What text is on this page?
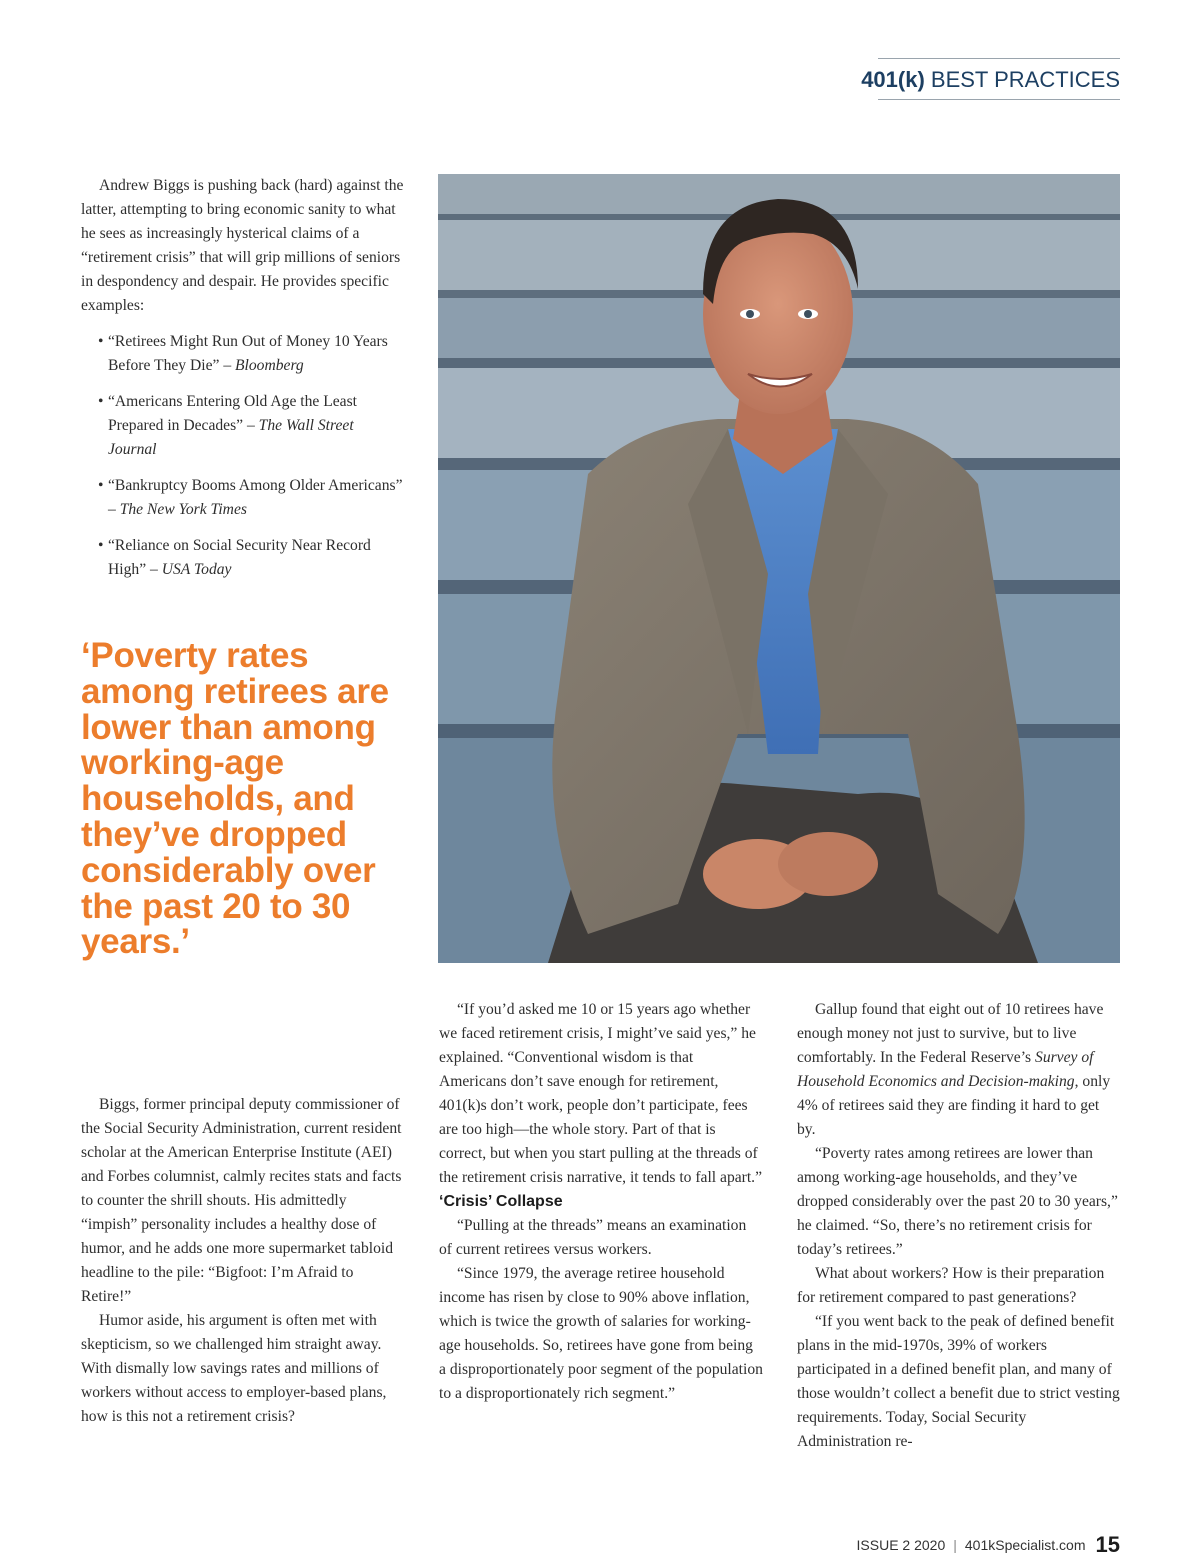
401(k) BEST PRACTICES

Andrew Biggs is pushing back (hard) against the latter, attempting to bring economic sanity to what he sees as increasingly hysterical claims of a “retirement crisis” that will grip millions of seniors in despondency and despair. He provides specific examples:

• “Retirees Might Run Out of Money 10 Years Before They Die” – Bloomberg
• “Americans Entering Old Age the Least Prepared in Decades” – The Wall Street Journal
• “Bankruptcy Booms Among Older Americans” – The New York Times
• “Reliance on Social Security Near Record High” – USA Today
‘Poverty rates among retirees are lower than among working-age households, and they’ve dropped considerably over the past 20 to 30 years.’

Biggs, former principal deputy commissioner of the Social Security Administration, current resident scholar at the American Enterprise Institute (AEI) and Forbes columnist, calmly recites stats and facts to counter the shrill shouts. His admittedly “impish” personality includes a healthy dose of humor, and he adds one more supermarket tabloid headline to the pile: “Bigfoot: I’m Afraid to Retire!”

Humor aside, his argument is often met with skepticism, so we challenged him straight away. With dismally low savings rates and millions of workers without access to employer-based plans, how is this not a retirement crisis?

“If you’d asked me 10 or 15 years ago whether we faced retirement crisis, I might’ve said yes,” he explained. “Conventional wisdom is that Americans don’t save enough for retirement, 401(k)s don’t work, people don’t participate, fees are too high—the whole story. Part of that is correct, but when you start pulling at the threads of the retirement crisis narrative, it tends to fall apart.”

‘Crisis’ Collapse

“Pulling at the threads” means an examination of current retirees versus workers.

“Since 1979, the average retiree household income has risen by close to 90% above inflation, which is twice the growth of salaries for working-age households. So, retirees have gone from being a disproportionately poor segment of the population to a disproportionately rich segment.”

Gallup found that eight out of 10 retirees have enough money not just to survive, but to live comfortably. In the Federal Reserve’s Survey of Household Economics and Decision-making, only 4% of retirees said they are finding it hard to get by.

“Poverty rates among retirees are lower than among working-age households, and they’ve dropped considerably over the past 20 to 30 years,” he claimed. “So, there’s no retirement crisis for today’s retirees.”

What about workers? How is their preparation for retirement compared to past generations?

“If you went back to the peak of defined benefit plans in the mid-1970s, 39% of workers participated in a defined benefit plan, and many of those wouldn’t collect a benefit due to strict vesting requirements. Today, Social Security Administration re-

ISSUE 2 2020 | 401kSpecialist.com 15
